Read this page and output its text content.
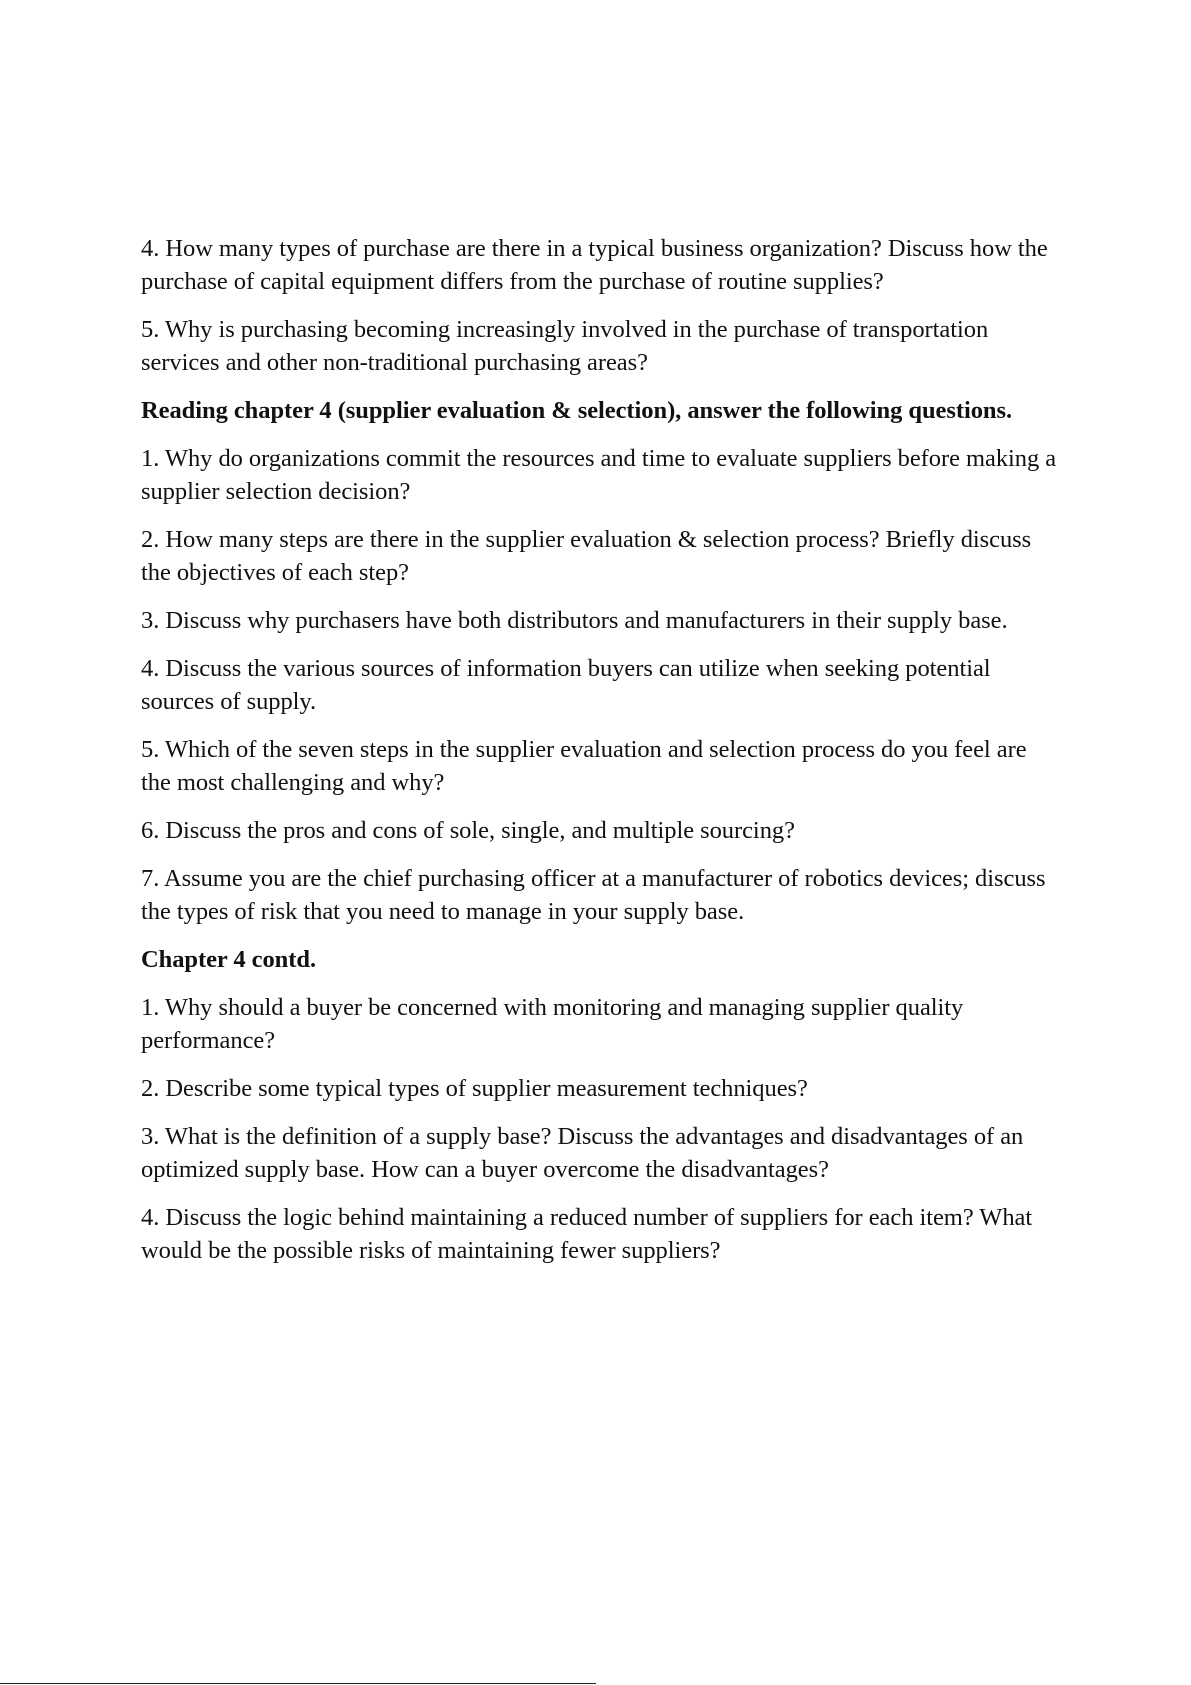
4. How many types of purchase are there in a typical business organization? Discuss how the purchase of capital equipment differs from the purchase of routine supplies?

5. Why is purchasing becoming increasingly involved in the purchase of transportation services and other non-traditional purchasing areas?

Reading chapter 4 (supplier evaluation & selection), answer the following questions.

1. Why do organizations commit the resources and time to evaluate suppliers before making a supplier selection decision?

2. How many steps are there in the supplier evaluation & selection process? Briefly discuss the objectives of each step?

3. Discuss why purchasers have both distributors and manufacturers in their supply base.

4. Discuss the various sources of information buyers can utilize when seeking potential sources of supply.

5. Which of the seven steps in the supplier evaluation and selection process do you feel are the most challenging and why?

6. Discuss the pros and cons of sole, single, and multiple sourcing?

7. Assume you are the chief purchasing officer at a manufacturer of robotics devices; discuss the types of risk that you need to manage in your supply base.

Chapter 4 contd.

1. Why should a buyer be concerned with monitoring and managing supplier quality performance?

2. Describe some typical types of supplier measurement techniques?

3. What is the definition of a supply base? Discuss the advantages and disadvantages of an optimized supply base. How can a buyer overcome the disadvantages?

4. Discuss the logic behind maintaining a reduced number of suppliers for each item? What would be the possible risks of maintaining fewer suppliers?
